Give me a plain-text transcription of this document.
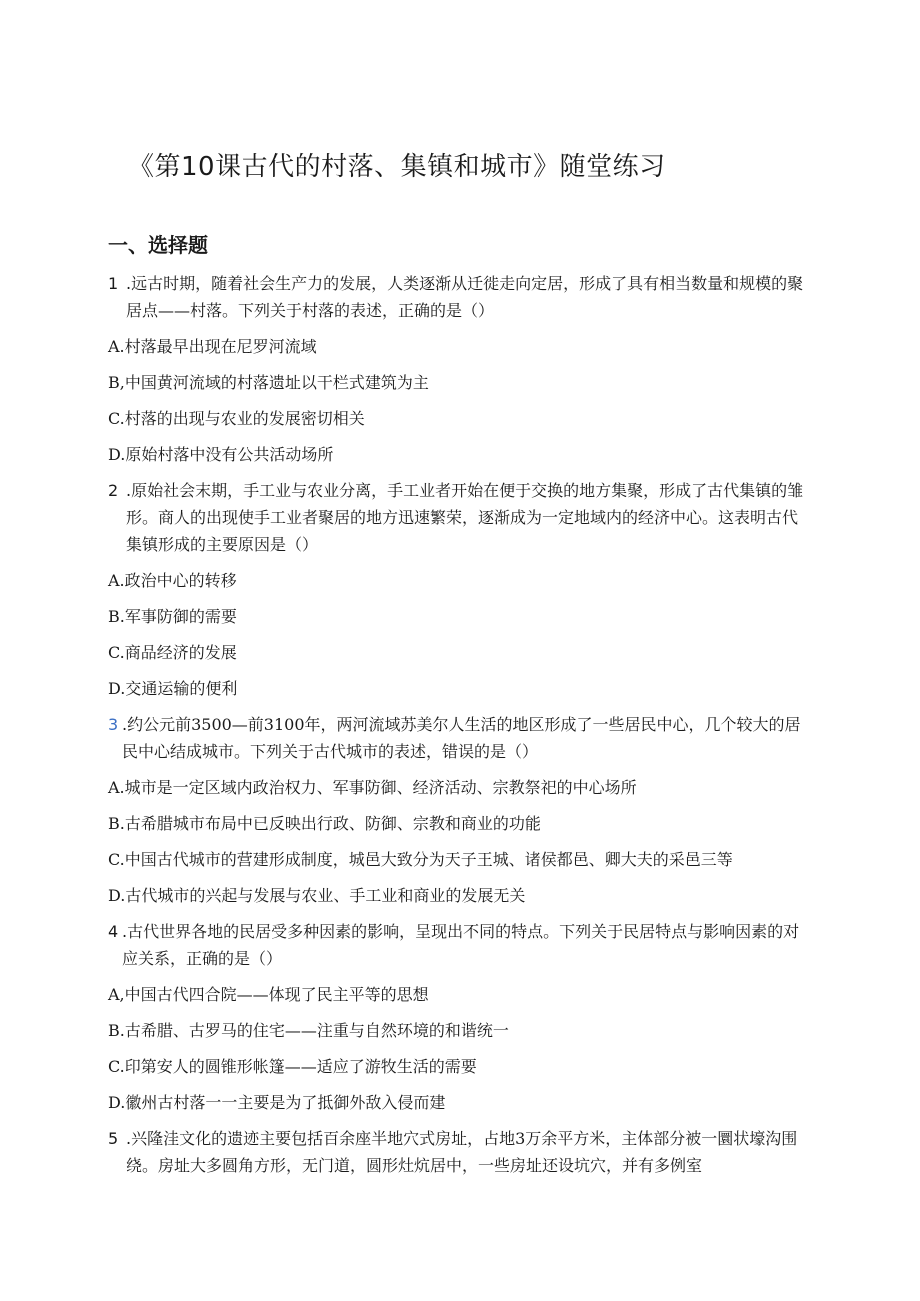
《第10课古代的村落、集镇和城市》随堂练习
一、选择题
1 .远古时期，随着社会生产力的发展，人类逐渐从迁徙走向定居，形成了具有相当数量和规模的聚居点——村落。下列关于村落的表述，正确的是（）
A.村落最早出现在尼罗河流域
B,中国黄河流域的村落遗址以干栏式建筑为主
C.村落的出现与农业的发展密切相关
D.原始村落中没有公共活动场所
2 .原始社会末期，手工业与农业分离，手工业者开始在便于交换的地方集聚，形成了古代集镇的雏形。商人的出现使手工业者聚居的地方迅速繁荣，逐渐成为一定地域内的经济中心。这表明古代集镇形成的主要原因是（）
A.政治中心的转移
B.军事防御的需要
C.商品经济的发展
D.交通运输的便利
3 .约公元前3500—前3100年，两河流域苏美尔人生活的地区形成了一些居民中心，几个较大的居民中心结成城市。下列关于古代城市的表述，错误的是（）
A.城市是一定区域内政治权力、军事防御、经济活动、宗教祭祀的中心场所
B.古希腊城市布局中已反映出行政、防御、宗教和商业的功能
C.中国古代城市的营建形成制度，城邑大致分为天子王城、诸侯都邑、卿大夫的采邑三等
D.古代城市的兴起与发展与农业、手工业和商业的发展无关
4 .古代世界各地的民居受多种因素的影响，呈现出不同的特点。下列关于民居特点与影响因素的对应关系，正确的是（）
A,中国古代四合院——体现了民主平等的思想
B.古希腊、古罗马的住宅——注重与自然环境的和谐统一
C.印第安人的圆锥形帐篷——适应了游牧生活的需要
D.徽州古村落一一主要是为了抵御外敌入侵而建
5 .兴隆洼文化的遗迹主要包括百余座半地穴式房址，占地3万余平方米，主体部分被一圜状壕沟围绕。房址大多圆角方形，无门道，圆形灶炕居中，一些房址还设坑穴，并有多例室
